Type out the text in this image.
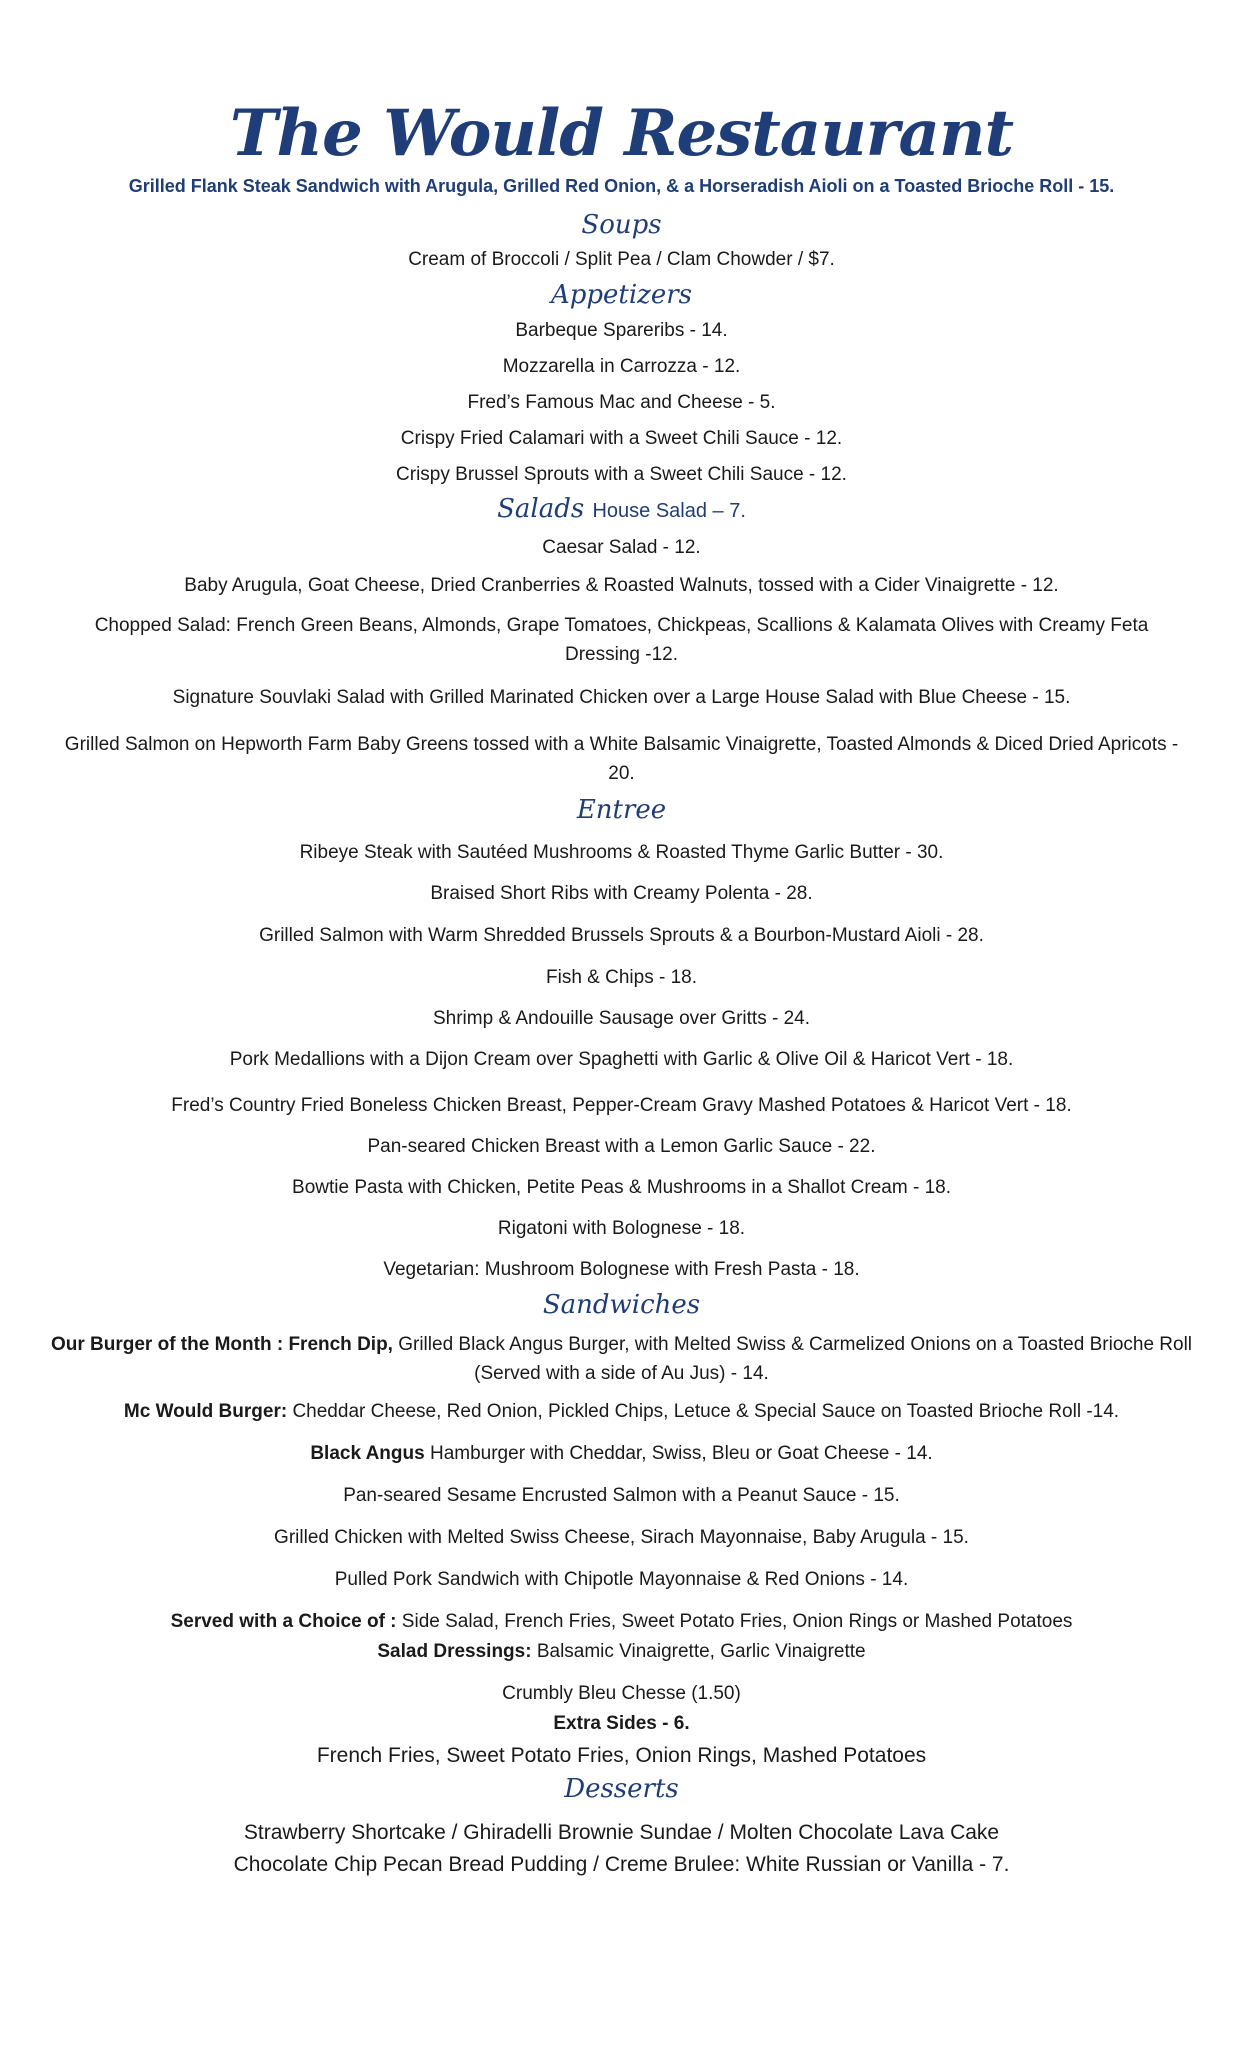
The Would Restaurant
Grilled Flank Steak Sandwich with Arugula, Grilled Red Onion, & a Horseradish Aioli on a Toasted Brioche Roll - 15.
Soups
Cream of Broccoli / Split Pea / Clam Chowder / $7.
Appetizers
Barbeque Spareribs - 14.
Mozzarella in Carrozza - 12.
Fred’s Famous Mac and Cheese - 5.
Crispy Fried Calamari with a Sweet Chili Sauce - 12.
Crispy Brussel Sprouts with a Sweet Chili Sauce - 12.
Salads House Salad – 7.
Caesar Salad - 12.
Baby Arugula, Goat Cheese, Dried Cranberries & Roasted Walnuts, tossed with a Cider Vinaigrette - 12.
Chopped Salad: French Green Beans, Almonds, Grape Tomatoes, Chickpeas, Scallions & Kalamata Olives with Creamy Feta Dressing -12.
Signature Souvlaki Salad with Grilled Marinated Chicken over a Large House Salad with Blue Cheese - 15.
Grilled Salmon on Hepworth Farm Baby Greens tossed with a White Balsamic Vinaigrette, Toasted Almonds & Diced Dried Apricots - 20.
Entree
Ribeye Steak with Sautéed Mushrooms & Roasted Thyme Garlic Butter - 30.
Braised Short Ribs with Creamy Polenta - 28.
Grilled Salmon with Warm Shredded Brussels Sprouts & a Bourbon-Mustard Aioli - 28.
Fish & Chips - 18.
Shrimp & Andouille Sausage over Gritts - 24.
Pork Medallions with a Dijon Cream over Spaghetti with Garlic & Olive Oil & Haricot Vert - 18.
Fred’s Country Fried Boneless Chicken Breast, Pepper-Cream Gravy Mashed Potatoes & Haricot Vert - 18.
Pan-seared Chicken Breast with a Lemon Garlic Sauce - 22.
Bowtie Pasta with Chicken, Petite Peas & Mushrooms in a Shallot Cream - 18.
Rigatoni with Bolognese - 18.
Vegetarian: Mushroom Bolognese with Fresh Pasta - 18.
Sandwiches
Our Burger of the Month : French Dip, Grilled Black Angus Burger, with Melted Swiss & Carmelized Onions on a Toasted Brioche Roll (Served with a side of Au Jus) - 14.
Mc Would Burger: Cheddar Cheese, Red Onion, Pickled Chips, Letuce & Special Sauce on Toasted Brioche Roll -14.
Black Angus Hamburger with Cheddar, Swiss, Bleu or Goat Cheese - 14.
Pan-seared Sesame Encrusted Salmon with a Peanut Sauce - 15.
Grilled Chicken with Melted Swiss Cheese, Sirach Mayonnaise, Baby Arugula - 15.
Pulled Pork Sandwich with Chipotle Mayonnaise & Red Onions - 14.
Served with a Choice of : Side Salad, French Fries, Sweet Potato Fries, Onion Rings or Mashed Potatoes
Salad Dressings: Balsamic Vinaigrette, Garlic Vinaigrette
Crumbly Bleu Chesse (1.50)
Extra Sides - 6.
French Fries, Sweet Potato Fries, Onion Rings, Mashed Potatoes
Desserts
Strawberry Shortcake / Ghiradelli Brownie Sundae / Molten Chocolate Lava Cake
Chocolate Chip Pecan Bread Pudding / Creme Brulee: White Russian or Vanilla - 7.
